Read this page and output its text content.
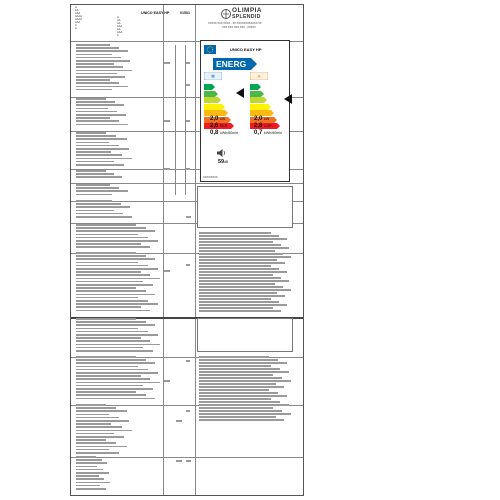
UNICO EASY HP	01501
A
AA
AAA
AAAA
AAAA
AAA
A
A
A
AA
AA
AAA
AA
AAA
A
OLIMPIA
SPLENDID
XXXXX XXX XXXX - XX XXXXXXXXXXXX XX
XXX XXX XXX XXX - XXXXX
UNICO EASY HP
ENERG
❄	☀
2,0 kW
2,6 EER
0,8 kWh/60min
2,0 kW
2,8 COP
0,7 kWh/60min
59dB
XXXX/XXXX
